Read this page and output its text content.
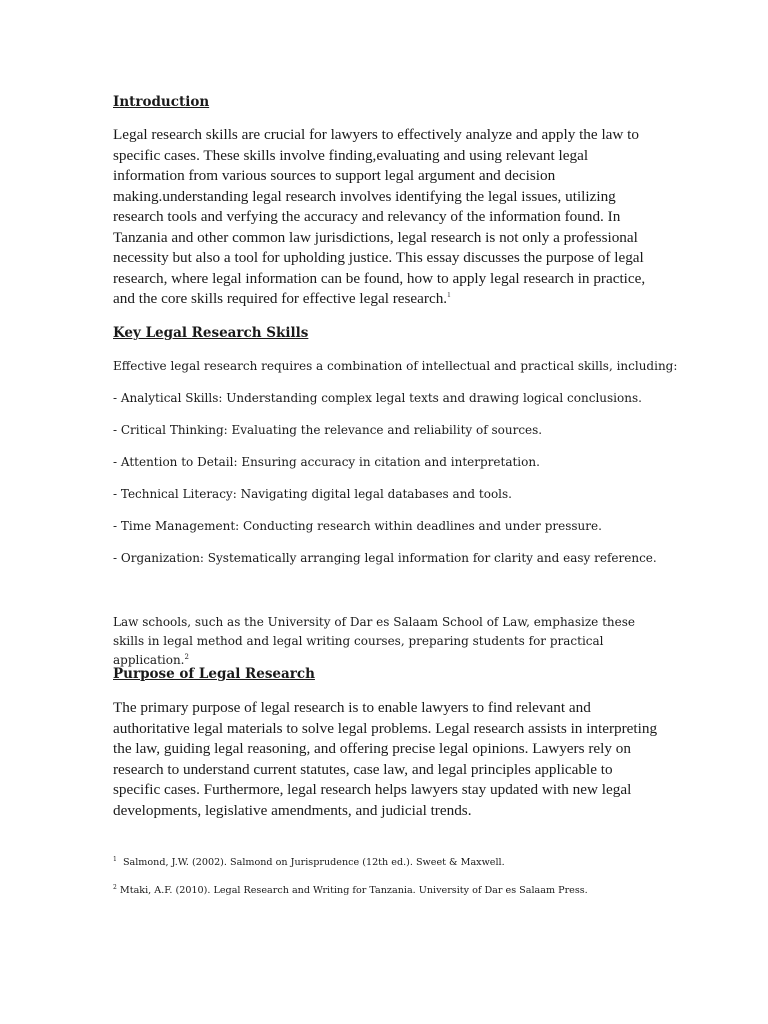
Introduction

Legal research skills are crucial for lawyers to effectively analyze and apply the law to specific cases. These skills involve finding,evaluating and using relevant legal information from various sources to support legal argument and decision making.understanding legal research involves identifying the legal issues, utilizing research tools and verfying the accuracy and relevancy of the information found. In Tanzania and other common law jurisdictions, legal research is not only a professional necessity but also a tool for upholding justice. This essay discusses the purpose of legal research, where legal information can be found, how to apply legal research in practice, and the core skills required for effective legal research.$^1$

Key Legal Research Skills

Effective legal research requires a combination of intellectual and practical skills, including:

- Analytical Skills: Understanding complex legal texts and drawing logical conclusions.

- Critical Thinking: Evaluating the relevance and reliability of sources.

- Attention to Detail: Ensuring accuracy in citation and interpretation.

- Technical Literacy: Navigating digital legal databases and tools.

- Time Management: Conducting research within deadlines and under pressure.

- Organization: Systematically arranging legal information for clarity and easy reference.

Law schools, such as the University of Dar es Salaam School of Law, emphasize these skills in legal method and legal writing courses, preparing students for practical application.$^2$

Purpose of Legal Research

The primary purpose of legal research is to enable lawyers to find relevant and authoritative legal materials to solve legal problems. Legal research assists in interpreting the law, guiding legal reasoning, and offering precise legal opinions. Lawyers rely on research to understand current statutes, case law, and legal principles applicable to specific cases. Furthermore, legal research helps lawyers stay updated with new legal developments, legislative amendments, and judicial trends.

$^1$ Salmond, J.W. (2002). Salmond on Jurisprudence (12th ed.). Sweet & Maxwell.

$^2$ Mtaki, A.F. (2010). Legal Research and Writing for Tanzania. University of Dar es Salaam Press.
